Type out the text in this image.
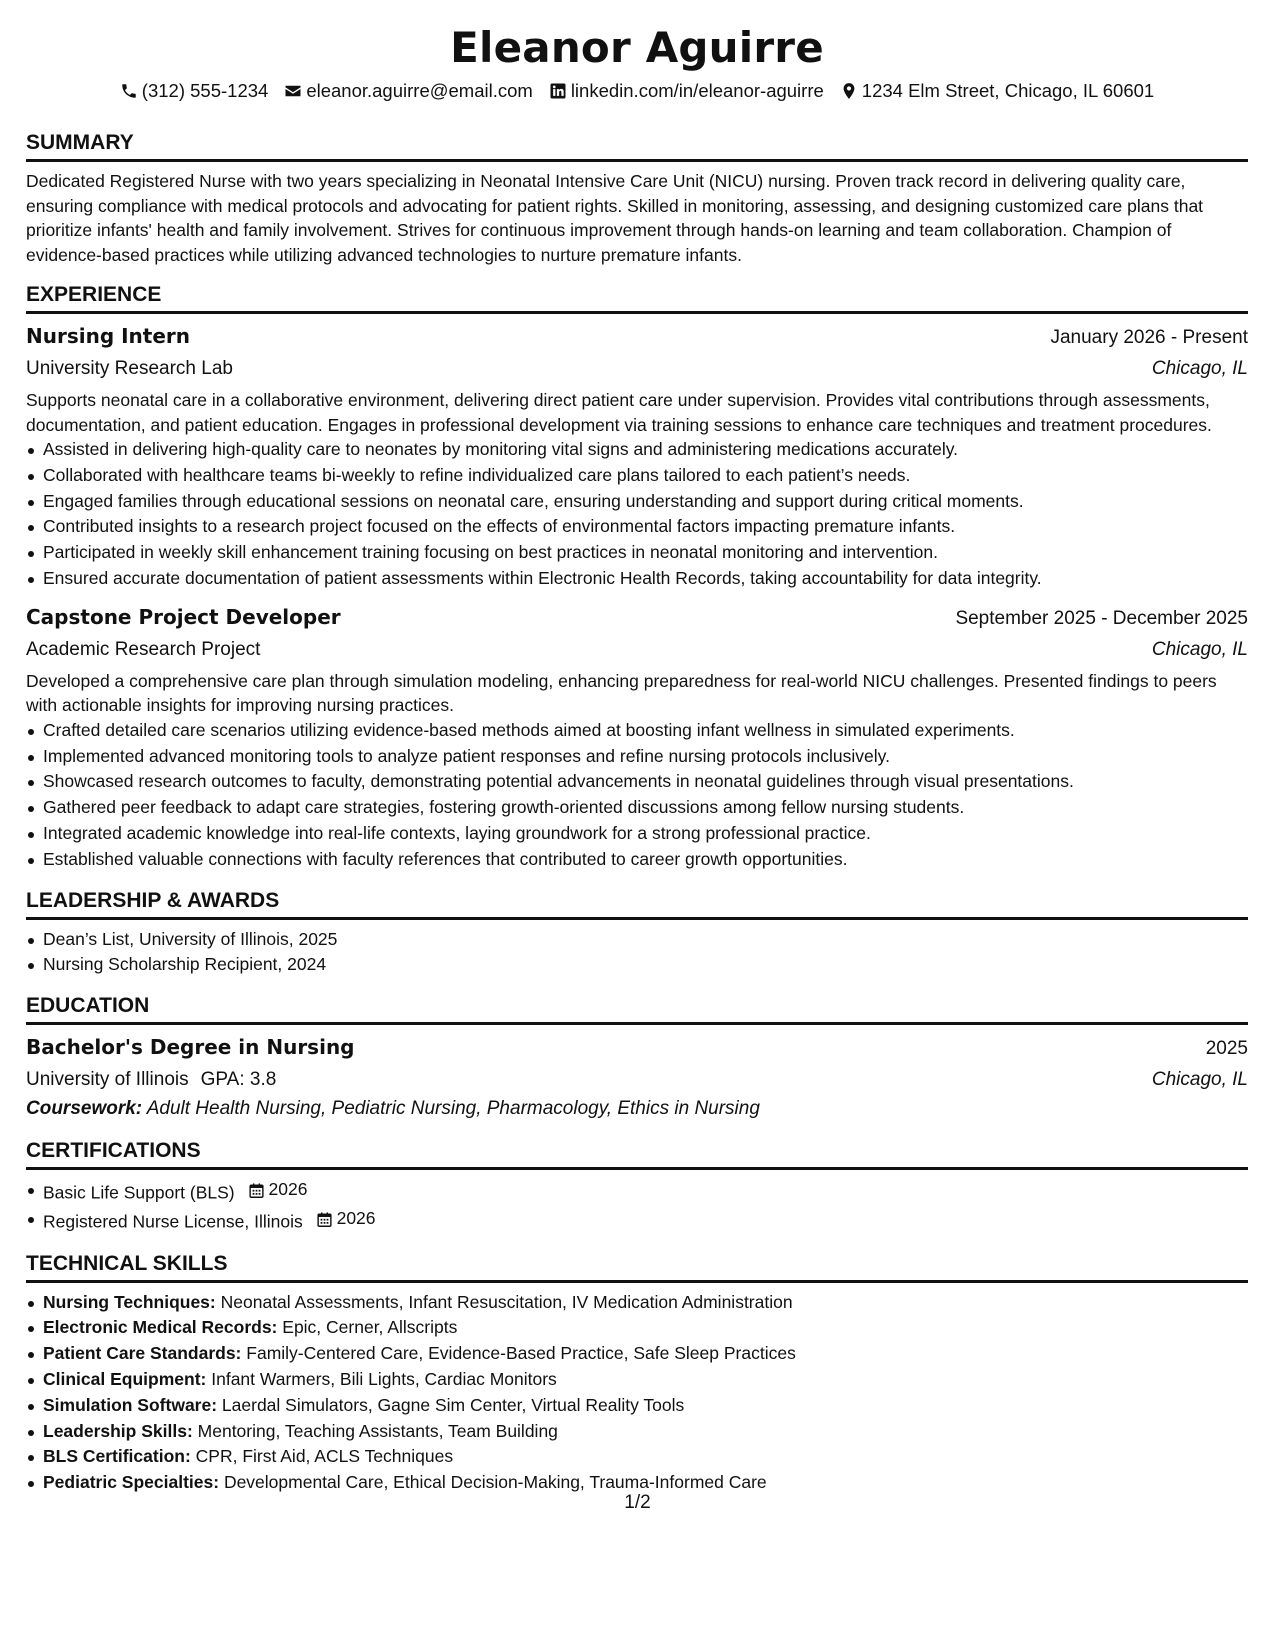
Eleanor Aguirre
(312) 555-1234 eleanor.aguirre@email.com linkedin.com/in/eleanor-aguirre 1234 Elm Street, Chicago, IL 60601
SUMMARY

Dedicated Registered Nurse with two years specializing in Neonatal Intensive Care Unit (NICU) nursing. Proven track record in delivering quality care, ensuring compliance with medical protocols and advocating for patient rights. Skilled in monitoring, assessing, and designing customized care plans that prioritize infants' health and family involvement. Strives for continuous improvement through hands-on learning and team collaboration. Champion of evidence-based practices while utilizing advanced technologies to nurture premature infants.

EXPERIENCE
Nursing Intern	January 2026 - Present
University Research Lab	Chicago, IL

Supports neonatal care in a collaborative environment, delivering direct patient care under supervision. Provides vital contributions through assessments, documentation, and patient education. Engages in professional development via training sessions to enhance care techniques and treatment procedures.

Assisted in delivering high-quality care to neonates by monitoring vital signs and administering medications accurately.
Collaborated with healthcare teams bi-weekly to refine individualized care plans tailored to each patient’s needs.
Engaged families through educational sessions on neonatal care, ensuring understanding and support during critical moments.
Contributed insights to a research project focused on the effects of environmental factors impacting premature infants.
Participated in weekly skill enhancement training focusing on best practices in neonatal monitoring and intervention.
Ensured accurate documentation of patient assessments within Electronic Health Records, taking accountability for data integrity.
Capstone Project Developer	September 2025 - December 2025
Academic Research Project	Chicago, IL

Developed a comprehensive care plan through simulation modeling, enhancing preparedness for real-world NICU challenges. Presented findings to peers with actionable insights for improving nursing practices.

Crafted detailed care scenarios utilizing evidence-based methods aimed at boosting infant wellness in simulated experiments.
Implemented advanced monitoring tools to analyze patient responses and refine nursing protocols inclusively.
Showcased research outcomes to faculty, demonstrating potential advancements in neonatal guidelines through visual presentations.
Gathered peer feedback to adapt care strategies, fostering growth-oriented discussions among fellow nursing students.
Integrated academic knowledge into real-life contexts, laying groundwork for a strong professional practice.
Established valuable connections with faculty references that contributed to career growth opportunities.
LEADERSHIP & AWARDS
Dean’s List, University of Illinois, 2025
Nursing Scholarship Recipient, 2024
EDUCATION
Bachelor's Degree in Nursing	2025
University of Illinois GPA: 3.8	Chicago, IL
Coursework: Adult Health Nursing, Pediatric Nursing, Pharmacology, Ethics in Nursing
CERTIFICATIONS
Basic Life Support (BLS) 2026
Registered Nurse License, Illinois 2026
TECHNICAL SKILLS
Nursing Techniques: Neonatal Assessments, Infant Resuscitation, IV Medication Administration
Electronic Medical Records: Epic, Cerner, Allscripts
Patient Care Standards: Family-Centered Care, Evidence-Based Practice, Safe Sleep Practices
Clinical Equipment: Infant Warmers, Bili Lights, Cardiac Monitors
Simulation Software: Laerdal Simulators, Gagne Sim Center, Virtual Reality Tools
Leadership Skills: Mentoring, Teaching Assistants, Team Building
BLS Certification: CPR, First Aid, ACLS Techniques
Pediatric Specialties: Developmental Care, Ethical Decision-Making, Trauma-Informed Care
1/2
